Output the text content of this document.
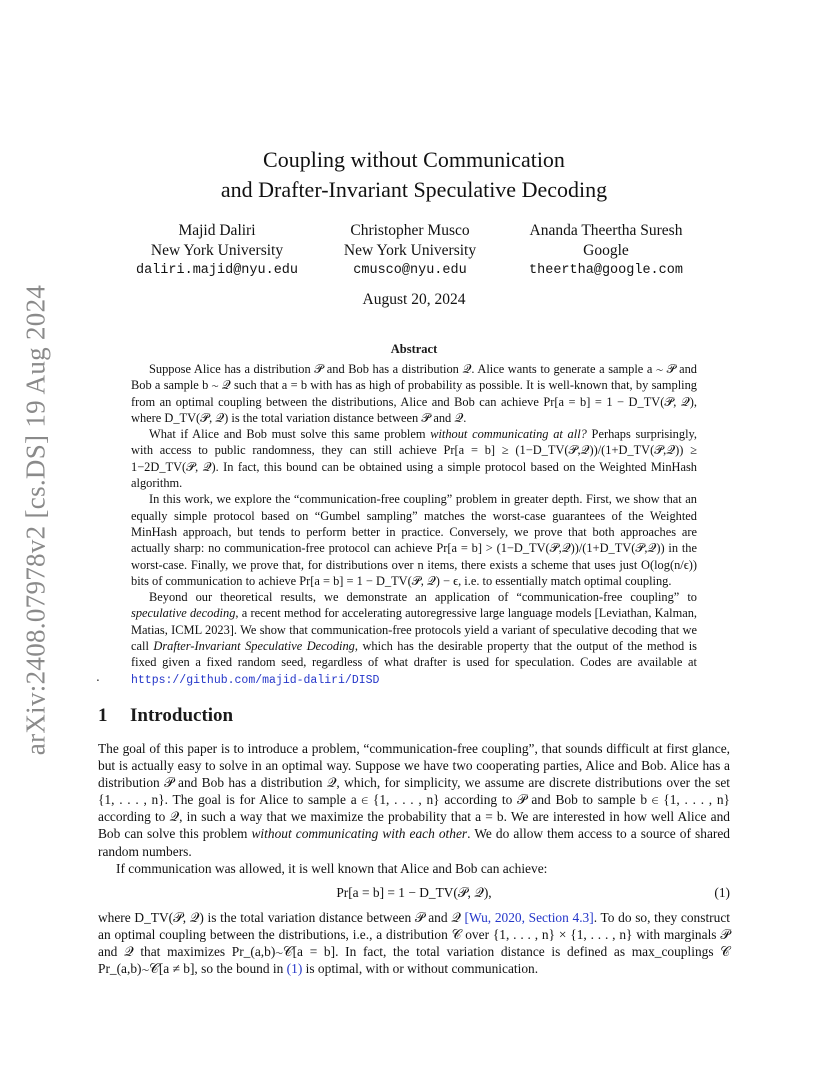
arXiv:2408.07978v2 [cs.DS] 19 Aug 2024
Coupling without Communication
and Drafter-Invariant Speculative Decoding
Majid Daliri
New York University
daliri.majid@nyu.edu
Christopher Musco
New York University
cmusco@nyu.edu
Ananda Theertha Suresh
Google
theertha@google.com
August 20, 2024
Abstract

Suppose Alice has a distribution 𝒫 and Bob has a distribution 𝒬. Alice wants to generate a sample a ∼ 𝒫 and Bob a sample b ∼ 𝒬 such that a = b with has as high of probability as possible. It is well-known that, by sampling from an optimal coupling between the distributions, Alice and Bob can achieve Pr[a = b] = 1 − D_TV(𝒫, 𝒬), where D_TV(𝒫, 𝒬) is the total variation distance between 𝒫 and 𝒬.

What if Alice and Bob must solve this same problem without communicating at all? Perhaps surprisingly, with access to public randomness, they can still achieve Pr[a = b] ≥ (1−D_TV(𝒫,𝒬))/(1+D_TV(𝒫,𝒬)) ≥ 1−2D_TV(𝒫, 𝒬). In fact, this bound can be obtained using a simple protocol based on the Weighted MinHash algorithm.

In this work, we explore the “communication-free coupling” problem in greater depth. First, we show that an equally simple protocol based on “Gumbel sampling” matches the worst-case guarantees of the Weighted MinHash approach, but tends to perform better in practice. Conversely, we prove that both approaches are actually sharp: no communication-free protocol can achieve Pr[a = b] > (1−D_TV(𝒫,𝒬))/(1+D_TV(𝒫,𝒬)) in the worst-case. Finally, we prove that, for distributions over n items, there exists a scheme that uses just O(log(n/ϵ)) bits of communication to achieve Pr[a = b] = 1 − D_TV(𝒫, 𝒬) − ϵ, i.e. to essentially match optimal coupling.

Beyond our theoretical results, we demonstrate an application of “communication-free coupling” to speculative decoding, a recent method for accelerating autoregressive large language models [Leviathan, Kalman, Matias, ICML 2023]. We show that communication-free protocols yield a variant of speculative decoding that we call Drafter-Invariant Speculative Decoding, which has the desirable property that the output of the method is fixed given a fixed random seed, regardless of what drafter is used for speculation. Codes are available at https://github.com/majid-daliri/DISD

.
1 Introduction

The goal of this paper is to introduce a problem, “communication-free coupling”, that sounds difficult at first glance, but is actually easy to solve in an optimal way. Suppose we have two cooperating parties, Alice and Bob. Alice has a distribution 𝒫 and Bob has a distribution 𝒬, which, for simplicity, we assume are discrete distributions over the set {1, . . . , n}. The goal is for Alice to sample a ∈ {1, . . . , n} according to 𝒫 and Bob to sample b ∈ {1, . . . , n} according to 𝒬, in such a way that we maximize the probability that a = b. We are interested in how well Alice and Bob can solve this problem without communicating with each other. We do allow them access to a source of shared random numbers.

If communication was allowed, it is well known that Alice and Bob can achieve:

Pr[a = b] = 1 − D_TV(𝒫, 𝒬),	(1)

where D_TV(𝒫, 𝒬) is the total variation distance between 𝒫 and 𝒬 [Wu, 2020, Section 4.3]. To do so, they construct an optimal coupling between the distributions, i.e., a distribution 𝒞 over {1, . . . , n} × {1, . . . , n} with marginals 𝒫 and 𝒬 that maximizes Pr_(a,b)∼𝒞[a = b]. In fact, the total variation distance is defined as max_couplings 𝒞 Pr_(a,b)∼𝒞[a ≠ b], so the bound in (1) is optimal, with or without communication.
